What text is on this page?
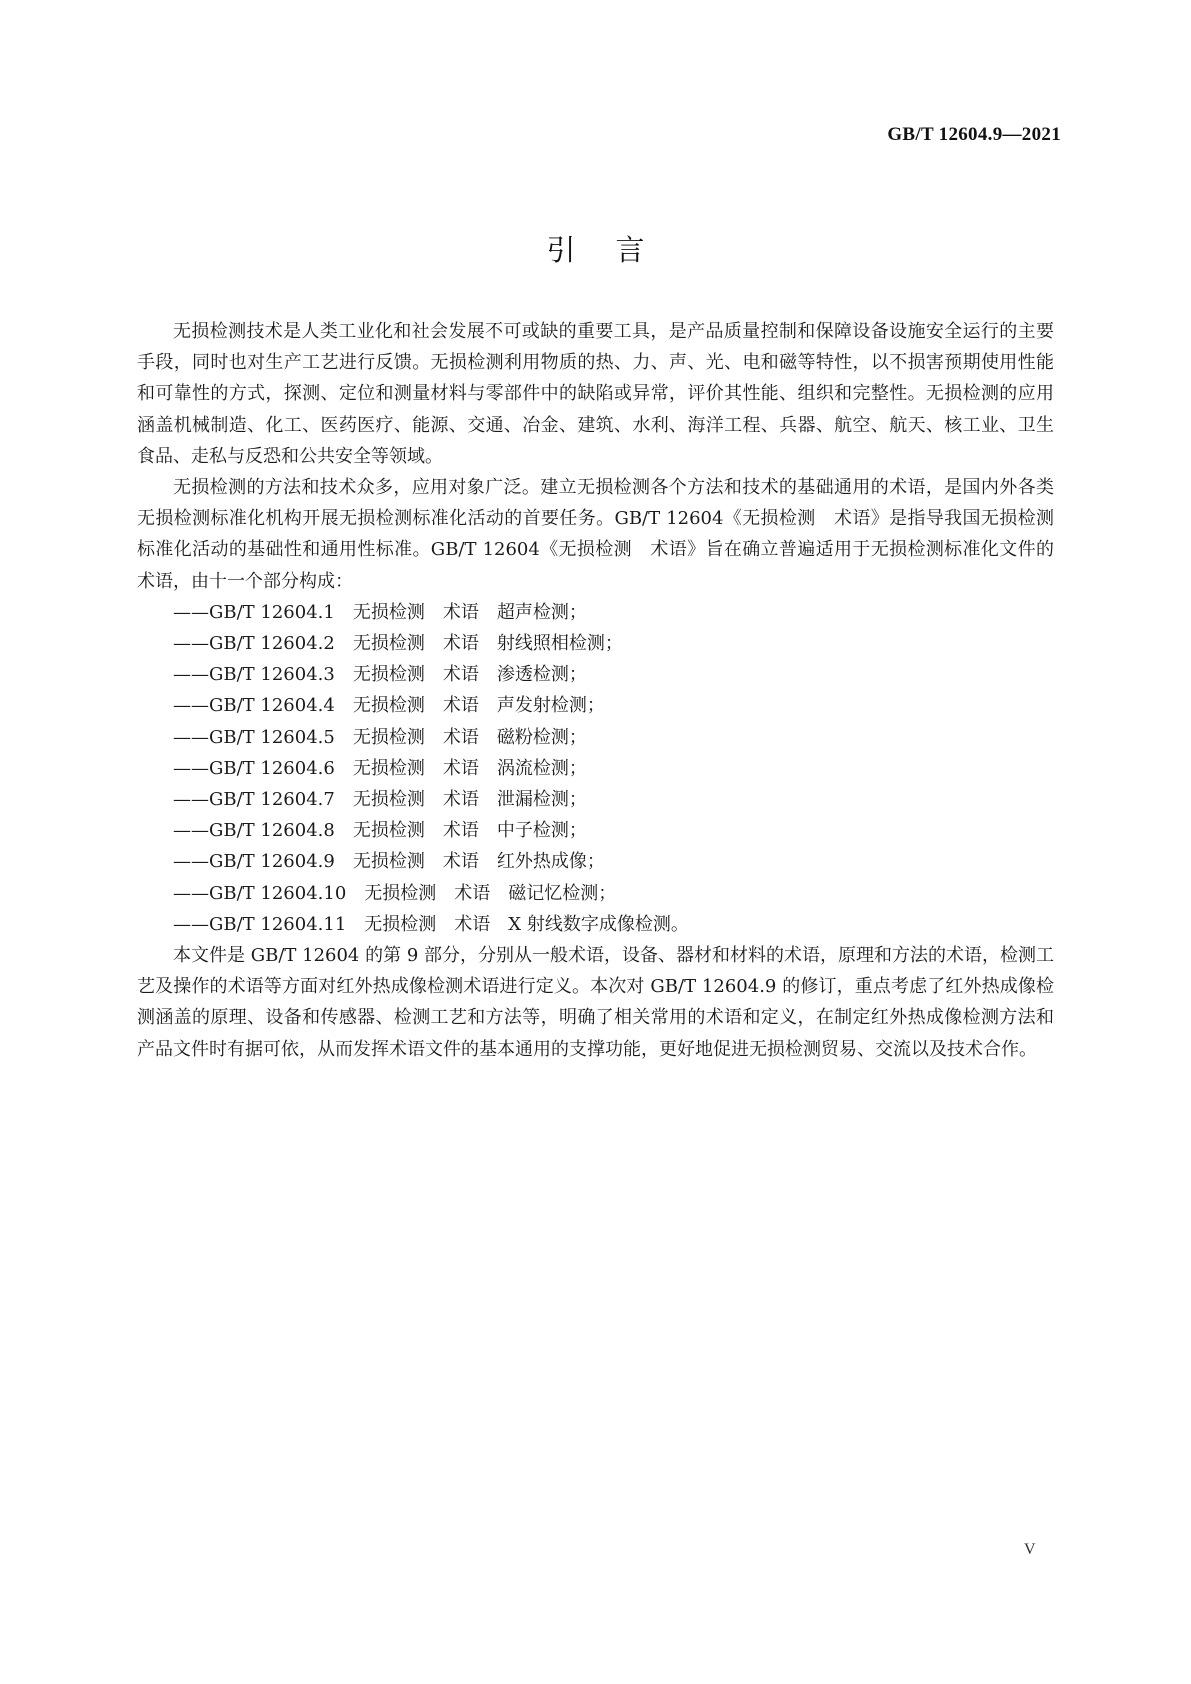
GB/T 12604.9—2021
引言

无损检测技术是人类工业化和社会发展不可或缺的重要工具，是产品质量控制和保障设备设施安全运行的主要手段，同时也对生产工艺进行反馈。无损检测利用物质的热、力、声、光、电和磁等特性，以不损害预期使用性能和可靠性的方式，探测、定位和测量材料与零部件中的缺陷或异常，评价其性能、组织和完整性。无损检测的应用涵盖机械制造、化工、医药医疗、能源、交通、冶金、建筑、水利、海洋工程、兵器、航空、航天、核工业、卫生食品、走私与反恐和公共安全等领域。

无损检测的方法和技术众多，应用对象广泛。建立无损检测各个方法和技术的基础通用的术语，是国内外各类无损检测标准化机构开展无损检测标准化活动的首要任务。GB/T 12604《无损检测　术语》是指导我国无损检测标准化活动的基础性和通用性标准。GB/T 12604《无损检测　术语》旨在确立普遍适用于无损检测标准化文件的术语，由十一个部分构成：

——GB/T 12604.1　无损检测　术语　超声检测；
——GB/T 12604.2　无损检测　术语　射线照相检测；
——GB/T 12604.3　无损检测　术语　渗透检测；
——GB/T 12604.4　无损检测　术语　声发射检测；
——GB/T 12604.5　无损检测　术语　磁粉检测；
——GB/T 12604.6　无损检测　术语　涡流检测；
——GB/T 12604.7　无损检测　术语　泄漏检测；
——GB/T 12604.8　无损检测　术语　中子检测；
——GB/T 12604.9　无损检测　术语　红外热成像；
——GB/T 12604.10　无损检测　术语　磁记忆检测；
——GB/T 12604.11　无损检测　术语　X 射线数字成像检测。

本文件是 GB/T 12604 的第 9 部分，分别从一般术语，设备、器材和材料的术语，原理和方法的术语，检测工艺及操作的术语等方面对红外热成像检测术语进行定义。本次对 GB/T 12604.9 的修订，重点考虑了红外热成像检测涵盖的原理、设备和传感器、检测工艺和方法等，明确了相关常用的术语和定义，在制定红外热成像检测方法和产品文件时有据可依，从而发挥术语文件的基本通用的支撑功能，更好地促进无损检测贸易、交流以及技术合作。

V
